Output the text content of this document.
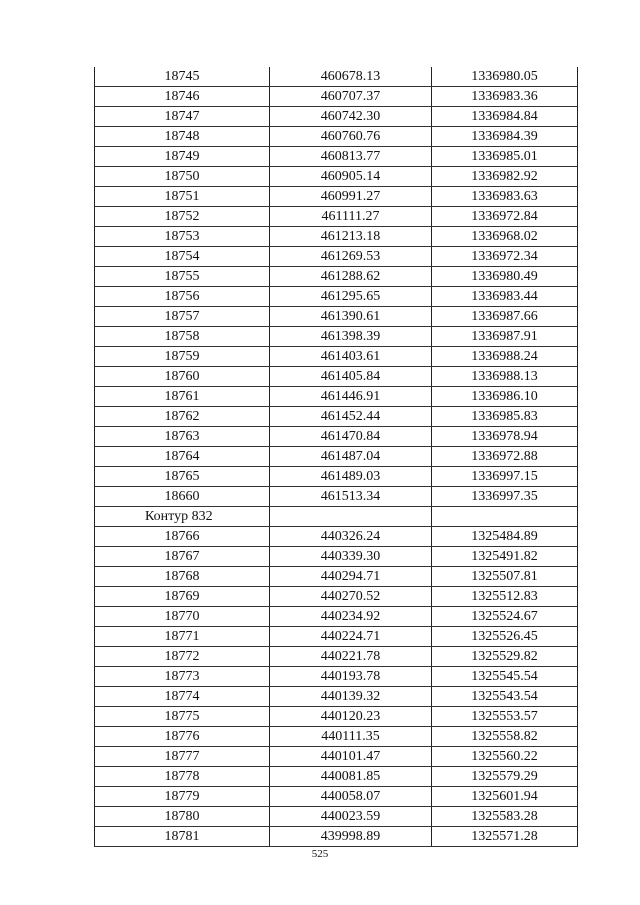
18745	460678.13	1336980.05
18746	460707.37	1336983.36
18747	460742.30	1336984.84
18748	460760.76	1336984.39
18749	460813.77	1336985.01
18750	460905.14	1336982.92
18751	460991.27	1336983.63
18752	461111.27	1336972.84
18753	461213.18	1336968.02
18754	461269.53	1336972.34
18755	461288.62	1336980.49
18756	461295.65	1336983.44
18757	461390.61	1336987.66
18758	461398.39	1336987.91
18759	461403.61	1336988.24
18760	461405.84	1336988.13
18761	461446.91	1336986.10
18762	461452.44	1336985.83
18763	461470.84	1336978.94
18764	461487.04	1336972.88
18765	461489.03	1336997.15
18660	461513.34	1336997.35
Контур 832		
18766	440326.24	1325484.89
18767	440339.30	1325491.82
18768	440294.71	1325507.81
18769	440270.52	1325512.83
18770	440234.92	1325524.67
18771	440224.71	1325526.45
18772	440221.78	1325529.82
18773	440193.78	1325545.54
18774	440139.32	1325543.54
18775	440120.23	1325553.57
18776	440111.35	1325558.82
18777	440101.47	1325560.22
18778	440081.85	1325579.29
18779	440058.07	1325601.94
18780	440023.59	1325583.28
18781	439998.89	1325571.28
525
